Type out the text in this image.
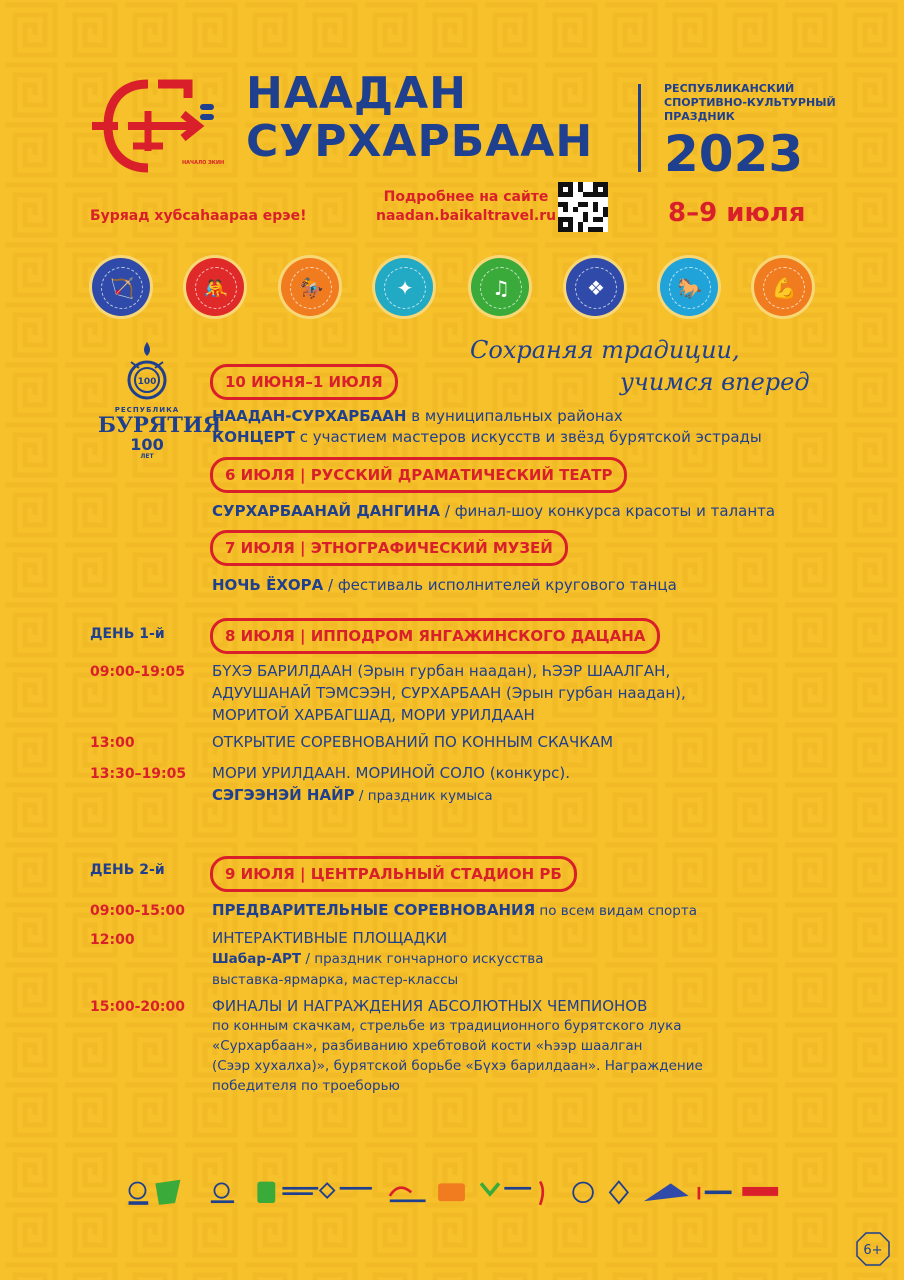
НАЧАЛО ЭКИН
НААДАН
СУРХАРБААН
РЕСПУБЛИКАНСКИЙ
СПОРТИВНО-КУЛЬТУРНЫЙ
ПРАЗДНИК
2023
8–9 июля
Буряад хубсаhaараа ерэе!
Подробнее на сайте
naadan.baikaltravel.ru
🏹	🤼	🏇	✦	♫	❖	🐎	💪
Сохраняя традиции,
учимся вперед
100
РЕСПУБЛИКА
БУРЯТИЯ
100
ЛЕТ
10 ИЮНЯ–1 ИЮЛЯ
НААДАН-СУРХАРБААН в муниципальных районах
КОНЦЕРТ с участием мастеров искусств и звёзд бурятской эстрады
6 ИЮЛЯ | РУССКИЙ ДРАМАТИЧЕСКИЙ ТЕАТР
СУРХАРБААНАЙ ДАНГИНА / финал-шоу конкурса красоты и таланта
7 ИЮЛЯ | ЭТНОГРАФИЧЕСКИЙ МУЗЕЙ
НОЧЬ ЁХОРА / фестиваль исполнителей кругового танца
ДЕНЬ 1-й	8 ИЮЛЯ | ИППОДРОМ ЯНГАЖИНСКОГО ДАЦАНА
09:00-19:05 БҮХЭ БАРИЛДААН (Эрын гурбан наадан), ҺЭЭР ШААЛГАН,
АДУУШАНАЙ ТЭМСЭЭН, СУРХАРБААН (Эрын гурбан наадан),
МОРИТОЙ ХАРБАГШАД, МОРИ УРИЛДААН
13:00	ОТКРЫТИЕ СОРЕВНОВАНИЙ ПО КОННЫМ СКАЧКАМ
13:30–19:05 МОРИ УРИЛДААН. МОРИНОЙ СОЛО (конкурс).
СЭГЭЭНЭЙ НАЙР / праздник кумыса
ДЕНЬ 2-й	9 ИЮЛЯ | ЦЕНТРАЛЬНЫЙ СТАДИОН РБ
09:00-15:00 ПРЕДВАРИТЕЛЬНЫЕ СОРЕВНОВАНИЯ по всем видам спорта
12:00	ИНТЕРАКТИВНЫЕ ПЛОЩАДКИ
Шабар-АРТ / праздник гончарного искусства
выставка-ярмарка, мастер-классы
15:00-20:00 ФИНАЛЫ И НАГРАЖДЕНИЯ АБСОЛЮТНЫХ ЧЕМПИОНОВ
по конным скачкам, стрельбе из традиционного бурятского лука
«Сурхарбаан», разбиванию хребтовой кости «Һээр шаалган
(Сээр хухалха)», бурятской борьбе «Бүхэ барилдаан». Награждение
победителя по троеборью
6+
